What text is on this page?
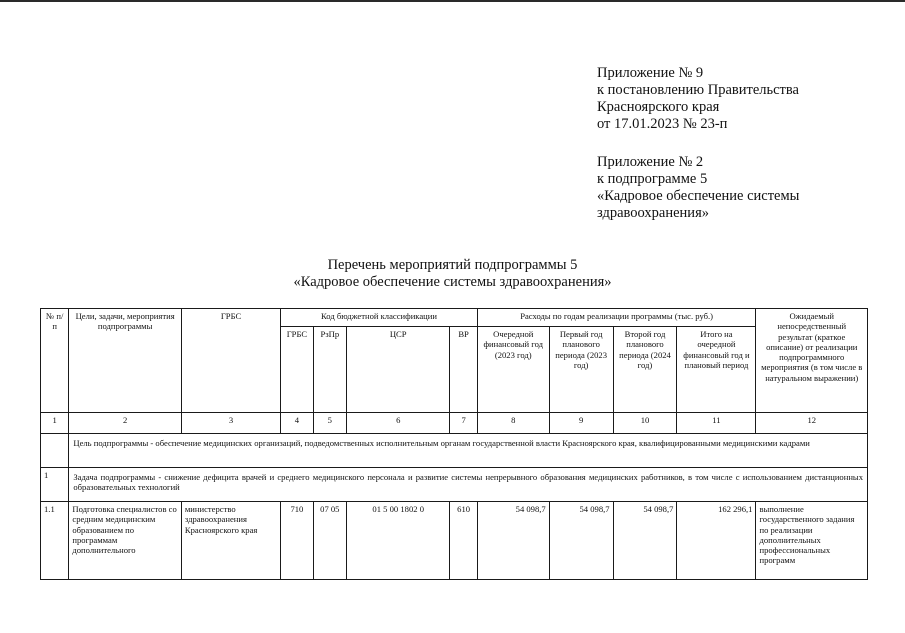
Приложение № 9
к постановлению Правительства
Красноярского края
от 17.01.2023 № 23-п
Приложение № 2
к подпрограмме 5
«Кадровое обеспечение системы
здравоохранения»
Перечень мероприятий подпрограммы 5
«Кадровое обеспечение системы здравоохранения»
№ п/п	Цели, задачи, мероприятия подпрограммы	ГРБС	Код бюджетной классификации				Расходы по годам реализации программы (тыс. руб.)				Ожидаемый непосредственный результат (краткое описание) от реализации подпрограммного мероприятия (в том числе в натуральном выражении)
			ГРБС	РзПр	ЦСР	ВР	Очередной финансовый год (2023 год)	Первый год планового периода (2023 год)	Второй год планового периода (2024 год)	Итого на очередной финансовый год и плановый период	
1	2	3	4	5	6	7	8	9	10	11	12
	Цель подпрограммы - обеспечение медицинских организаций, подведомственных исполнительным органам государственной власти Красноярского края, квалифицированными медицинскими кадрами										
1	Задача подпрограммы - снижение дефицита врачей и среднего медицинского персонала и развитие системы непрерывного образования медицинских работников, в том числе с использованием дистанционных образовательных технологий										
1.1	Подготовка специалистов со средним медицинским образованием по программам дополнительного	министерство здравоохранения Красноярского края	710	07 05	01 5 00 1802 0	610	54 098,7	54 098,7	54 098,7	162 296,1	выполнение государственного задания по реализации дополнительных профессиональных программ
